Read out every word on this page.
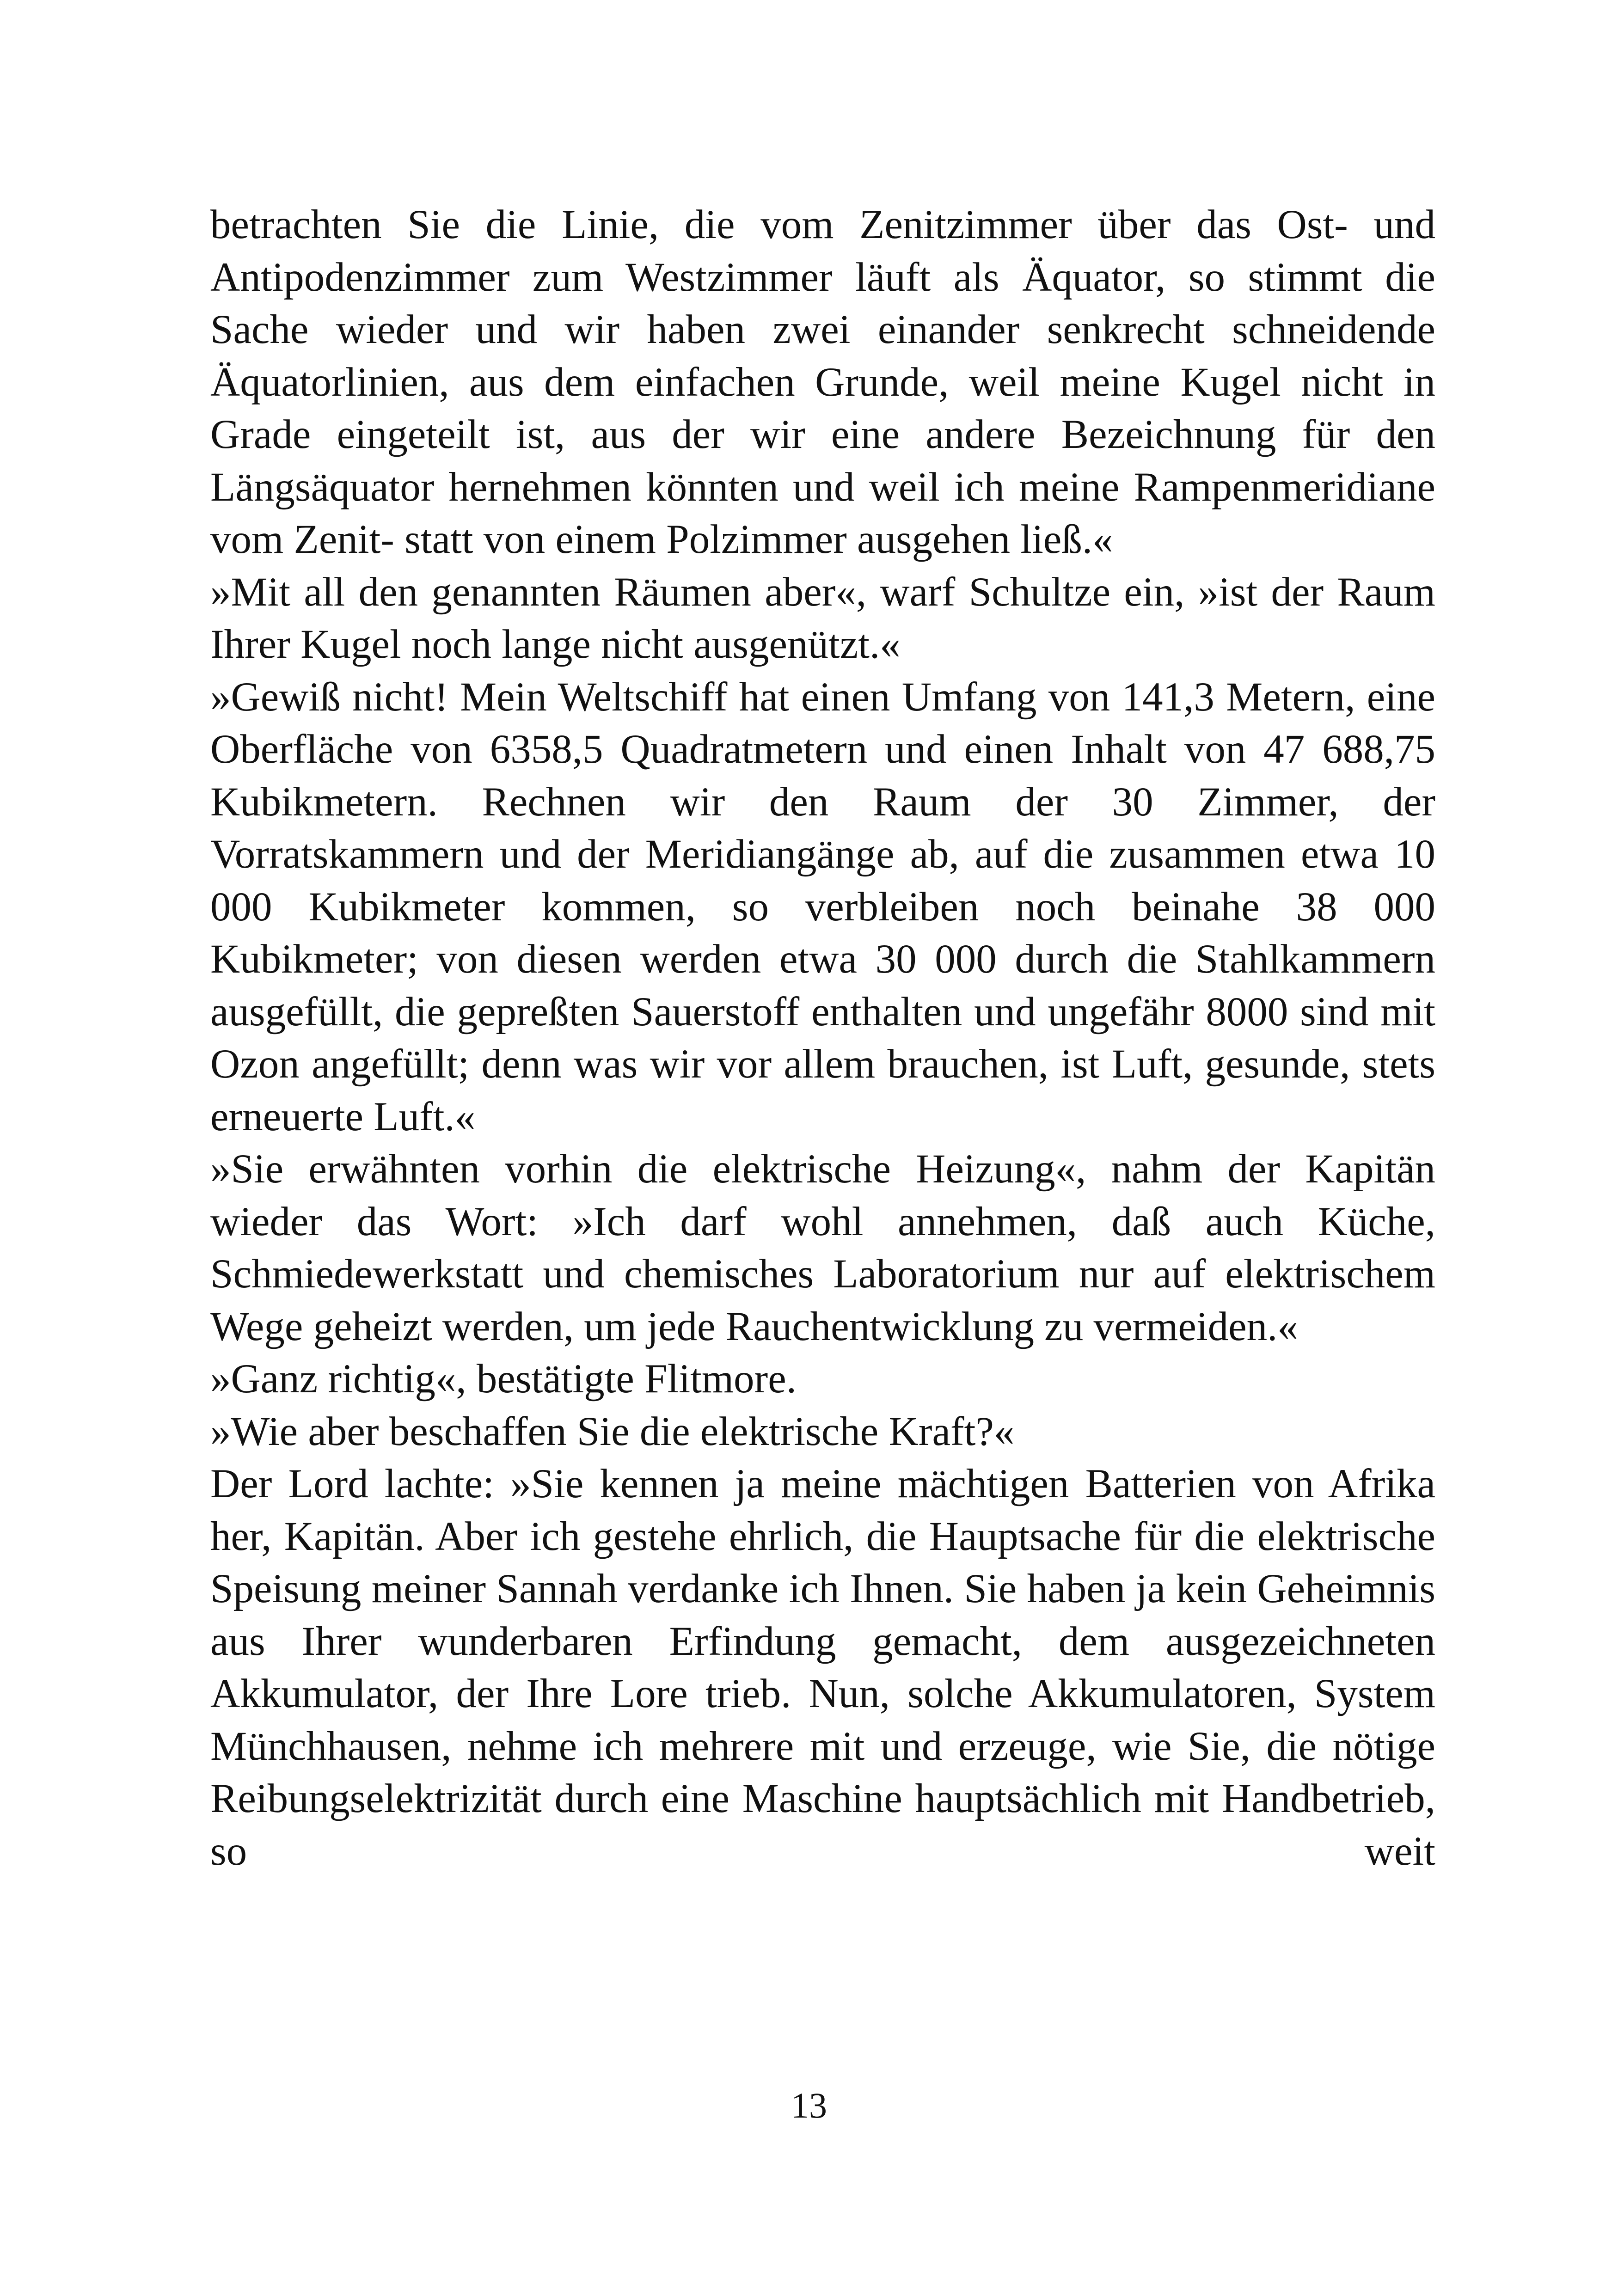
betrachten Sie die Linie, die vom Zenitzimmer über das Ost- und Antipodenzimmer zum Westzimmer läuft als Äquator, so stimmt die Sache wieder und wir haben zwei einander senkrecht schneidende Äquatorlinien, aus dem einfachen Grunde, weil meine Kugel nicht in Grade eingeteilt ist, aus der wir eine andere Bezeichnung für den Längsäquator hernehmen könnten und weil ich meine Rampenmeridiane vom Zenit- statt von einem Polzimmer ausgehen ließ.«

»Mit all den genannten Räumen aber«, warf Schultze ein, »ist der Raum Ihrer Kugel noch lange nicht ausgenützt.«

»Gewiß nicht! Mein Weltschiff hat einen Umfang von 141,3 Metern, eine Oberfläche von 6358,5 Quadratmetern und einen Inhalt von 47 688,75 Kubikmetern. Rechnen wir den Raum der 30 Zimmer, der Vorratskammern und der Meridiangänge ab, auf die zusammen etwa 10 000 Kubikmeter kommen, so verbleiben noch beinahe 38 000 Kubikmeter; von diesen werden etwa 30 000 durch die Stahlkammern ausgefüllt, die gepreßten Sauerstoff enthalten und ungefähr 8000 sind mit Ozon angefüllt; denn was wir vor allem brauchen, ist Luft, gesunde, stets erneuerte Luft.«

»Sie erwähnten vorhin die elektrische Heizung«, nahm der Kapitän wieder das Wort: »Ich darf wohl annehmen, daß auch Küche, Schmiedewerkstatt und chemisches Laboratorium nur auf elektrischem Wege geheizt werden, um jede Rauchentwicklung zu vermeiden.«

»Ganz richtig«, bestätigte Flitmore.

»Wie aber beschaffen Sie die elektrische Kraft?«

Der Lord lachte: »Sie kennen ja meine mächtigen Batterien von Afrika her, Kapitän. Aber ich gestehe ehrlich, die Hauptsache für die elektrische Speisung meiner Sannah verdanke ich Ihnen. Sie haben ja kein Geheimnis aus Ihrer wunderbaren Erfindung gemacht, dem ausgezeichneten Akkumulator, der Ihre Lore trieb. Nun, solche Akkumulatoren, System Münchhausen, nehme ich mehrere mit und erzeuge, wie Sie, die nötige Reibungselektrizität durch eine Maschine hauptsächlich mit Handbetrieb, so weit

13
